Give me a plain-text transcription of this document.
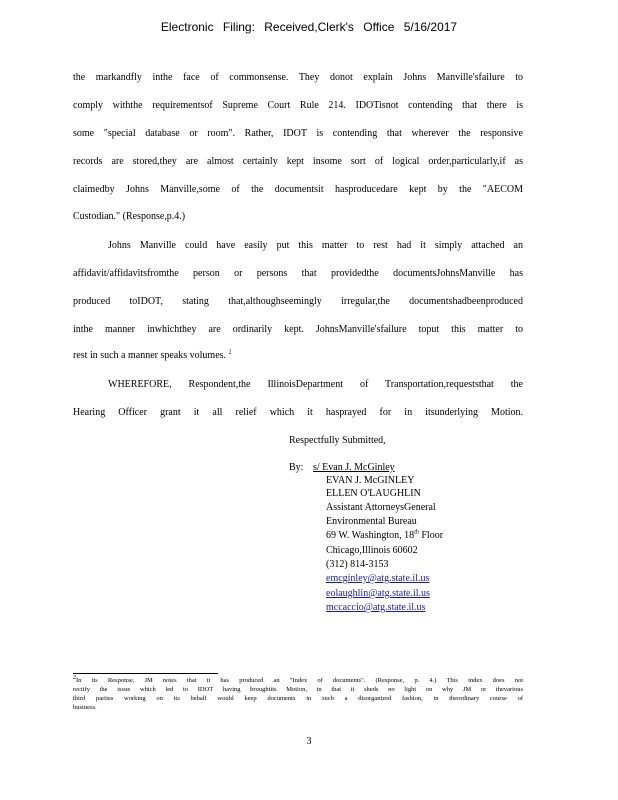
Electronic Filing: Received,Clerk's Office 5/16/2017
the markandfly inthe face of commonsense. They donot explain Johns Manville'sfailure to
comply withthe requirementsof Supreme Court Rule 214. IDOTisnot contending that there is
some "special database or room". Rather, IDOT is contending that wherever the responsive
records are stored,they are almost certainly kept insome sort of logical order,particularly,if as
claimedby Johns Manville,some of the documentsit hasproducedare kept by the "AECOM
Custodian." (Response,p.4.)
Johns Manville could have easily put this matter to rest had it simply attached an
affidavit/affidavitsfromthe person or persons that providedthe documentsJohnsManville has
produced toIDOT, stating that,althoughseemingly irregular,the documentshadbeenproduced
inthe manner inwhichthey are ordinarily kept. JohnsManville'sfailure toput this matter to
rest in such a manner speaks volumes. $^2$
WHEREFORE, Respondent,the IllinoisDepartment of Transportation,requeststhat the
Hearing Officer grant it all relief which it hasprayed for in itsunderlying Motion.
Respectfully Submitted,
By: s/ Evan J. McGinley
EVAN J. McGINLEY
ELLEN O'LAUGHLIN
Assistant AttorneysGeneral
Environmental Bureau
69 W. Washington, 18th Floor
Chicago,Illinois 60602
(312) 814-3153
emcginley@atg.state.il.us
eolaughlin@atg.state.il.us
mccaccio@atg.state.il.us
$^2$In its Response, JM notes that it has produced an "Index of documents". (Response, p. 4.) This index does not
rectify the issue which led to IDOT having broughtits Motion, in that it sheds no light on why JM or thevarious
third parties working on its behalf would keep documents in such a disorganized fashion, in theordinary course of
business.
3
